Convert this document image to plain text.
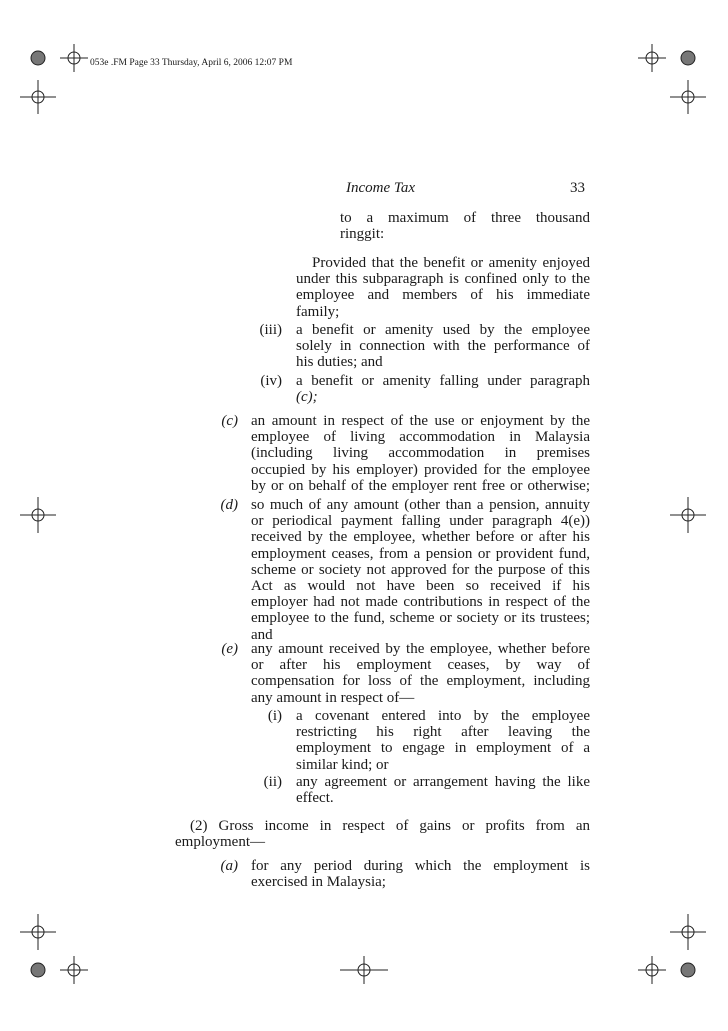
053e .FM Page 33 Thursday, April 6, 2006 12:07 PM
Income Tax	33
to a maximum of three thousand
ringgit:
Provided that the benefit or amenity enjoyed
under this subparagraph is confined only to the
employee and members of his immediate
family;
(iii) a benefit or amenity used by the employee
solely in connection with the performance of
his duties; and
(iv) a benefit or amenity falling under paragraph
(c);
(c) an amount in respect of the use or enjoyment by the
employee of living accommodation in Malaysia
(including living accommodation in premises
occupied by his employer) provided for the employee
by or on behalf of the employer rent free or otherwise;
(d) so much of any amount (other than a pension, annuity
or periodical payment falling under paragraph 4(e))
received by the employee, whether before or after his
employment ceases, from a pension or provident fund,
scheme or society not approved for the purpose of this
Act as would not have been so received if his
employer had not made contributions in respect of the
employee to the fund, scheme or society or its trustees;
and
(e) any amount received by the employee, whether before
or after his employment ceases, by way of
compensation for loss of the employment, including
any amount in respect of—
(i) a covenant entered into by the employee
restricting his right after leaving the
employment to engage in employment of a
similar kind; or
(ii) any agreement or arrangement having the like
effect.
(2) Gross income in respect of gains or profits from an
employment—
(a) for any period during which the employment is
exercised in Malaysia;
